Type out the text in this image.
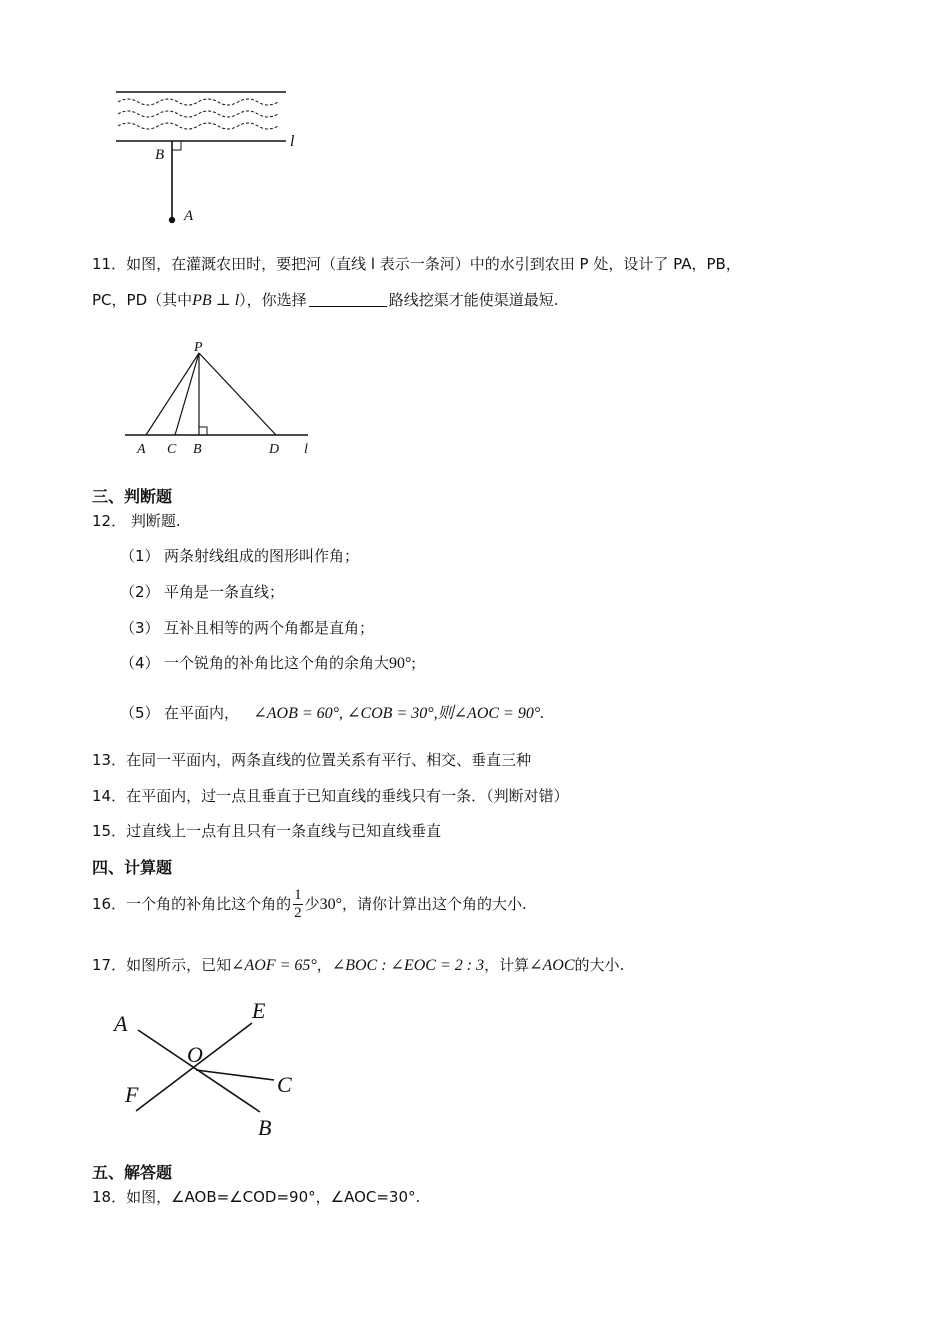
B
A
l
11．如图，在灌溉农田时，要把河（直线 l 表示一条河）中的水引到农田 P 处，设计了 PA，PB，
PC，PD（其中PB ⊥ l），你选择	路线挖渠才能使渠道最短.
P
A C B	D l
三、判断题
12． 判断题.
（1） 两条射线组成的图形叫作角；
（2） 平角是一条直线；
（3） 互补且相等的两个角都是直角；
（4） 一个锐角的补角比这个角的余角大90°;
（5） 在平面内， ∠AOB = 60°, ∠COB = 30°,则∠AOC = 90°.
13．在同一平面内，两条直线的位置关系有平行、相交、垂直三种
14．在平面内，过一点且垂直于已知直线的垂线只有一条．（判断对错）
15．过直线上一点有且只有一条直线与已知直线垂直
四、计算题
16．一个角的补角比这个角的 $\frac{1}{2}$ 少30°，请你计算出这个角的大小.
17．如图所示，已知∠AOF = 65°，∠BOC : ∠EOC = 2 : 3，计算∠AOC的大小.
A
E
O
C
F
B
五、解答题
18．如图，∠AOB=∠COD=90°，∠AOC=30°.
